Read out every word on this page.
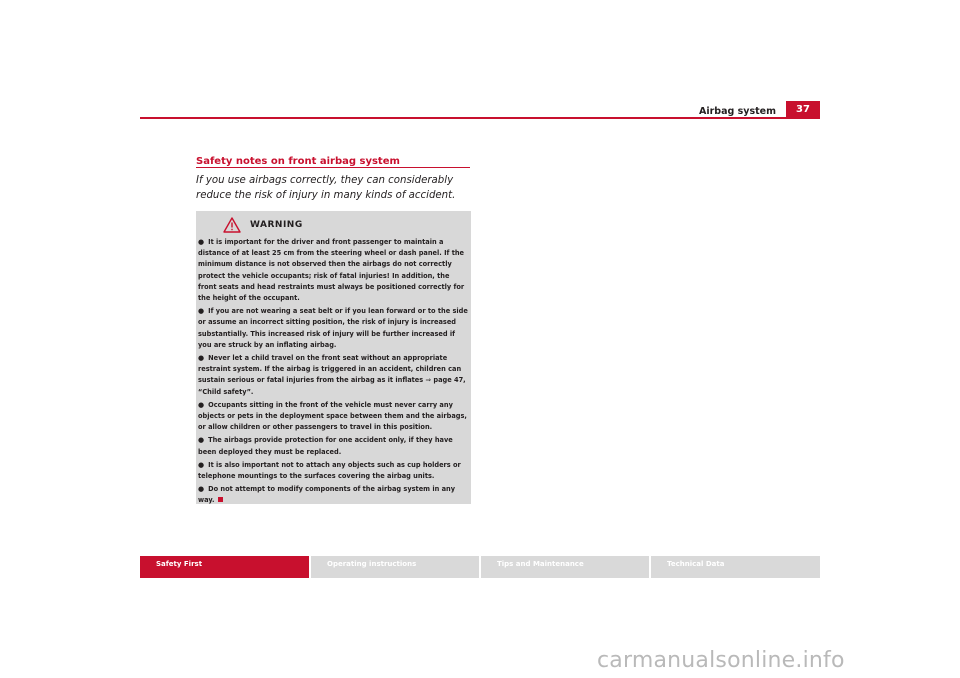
Airbag system	37
Safety notes on front airbag system
If you use airbags correctly, they can considerably reduce the risk of injury in many kinds of accident.
WARNING
● It is important for the driver and front passenger to maintain a distance of at least 25 cm from the steering wheel or dash panel. If the minimum distance is not observed then the airbags do not correctly protect the vehicle occupants; risk of fatal injuries! In addition, the front seats and head restraints must always be positioned correctly for the height of the occupant.
● If you are not wearing a seat belt or if you lean forward or to the side or assume an incorrect sitting position, the risk of injury is increased substantially. This increased risk of injury will be further increased if you are struck by an inflating airbag.
● Never let a child travel on the front seat without an appropriate restraint system. If the airbag is triggered in an accident, children can sustain serious or fatal injuries from the airbag as it inflates ⇒ page 47, “Child safety”.
● Occupants sitting in the front of the vehicle must never carry any objects or pets in the deployment space between them and the airbags, or allow children or other passengers to travel in this position.
● The airbags provide protection for one accident only, if they have been deployed they must be replaced.
● It is also important not to attach any objects such as cup holders or telephone mountings to the surfaces covering the airbag units.
● Do not attempt to modify components of the airbag system in any way.
Safety First	Operating instructions	Tips and Maintenance	Technical Data
carmanualsonline.info
